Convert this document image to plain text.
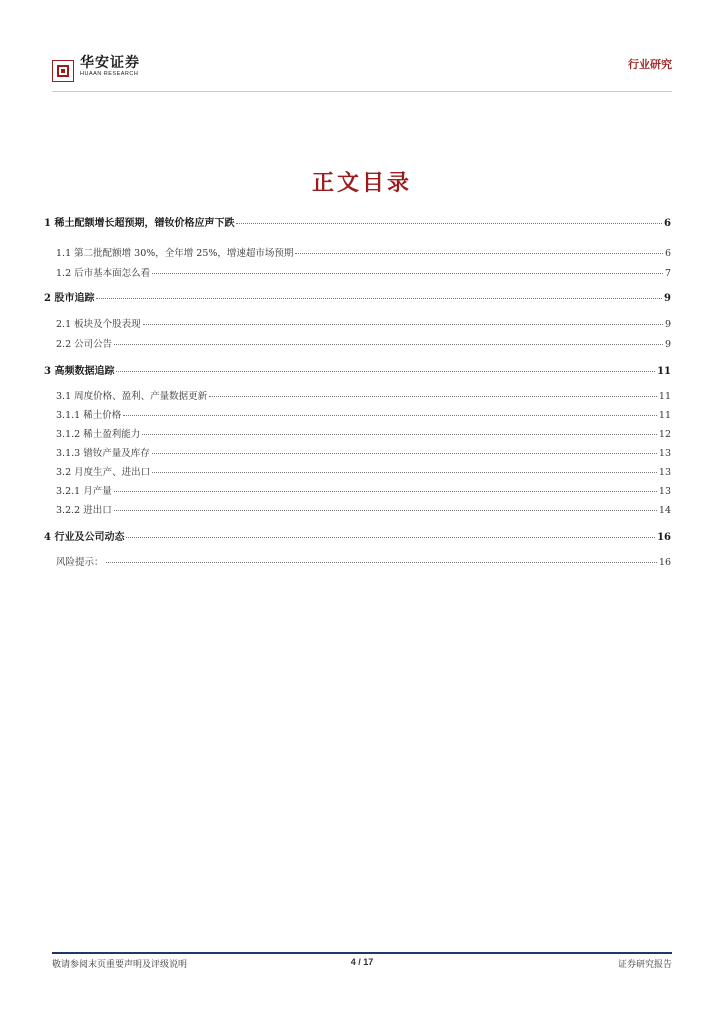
华安证券
HUAAN RESEARCH
行业研究
正文目录
1 稀土配额增长超预期，镨钕价格应声下跌	6
1.1 第二批配额增 30%，全年增 25%，增速超市场预期	6
1.2 后市基本面怎么看	7
2 股市追踪	9
2.1 板块及个股表现	9
2.2 公司公告	9
3 高频数据追踪	11
3.1 周度价格、盈利、产量数据更新	11
3.1.1 稀土价格	11
3.1.2 稀土盈利能力	12
3.1.3 镨钕产量及库存	13
3.2 月度生产、进出口	13
3.2.1 月产量	13
3.2.2 进出口	14
4 行业及公司动态	16
风险提示：	16
敬请参阅末页重要声明及评级说明	4 / 17	证券研究报告
